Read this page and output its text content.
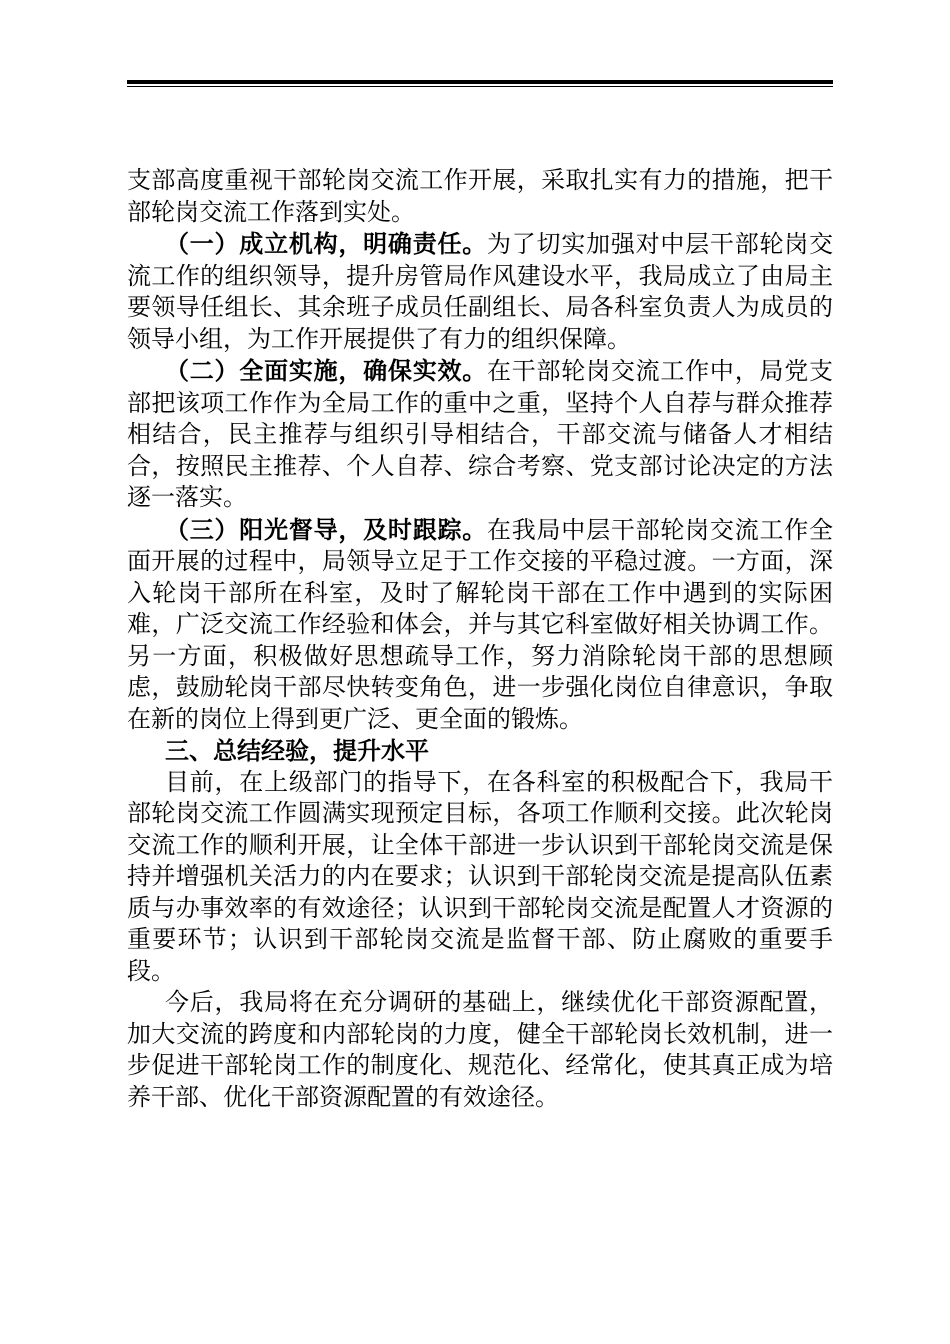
支部高度重视干部轮岗交流工作开展，采取扎实有力的措施，把干部轮岗交流工作落到实处。

（一）成立机构，明确责任。为了切实加强对中层干部轮岗交流工作的组织领导，提升房管局作风建设水平，我局成立了由局主要领导任组长、其余班子成员任副组长、局各科室负责人为成员的领导小组，为工作开展提供了有力的组织保障。

（二）全面实施，确保实效。在干部轮岗交流工作中，局党支部把该项工作作为全局工作的重中之重，坚持个人自荐与群众推荐相结合，民主推荐与组织引导相结合，干部交流与储备人才相结合，按照民主推荐、个人自荐、综合考察、党支部讨论决定的方法逐一落实。

（三）阳光督导，及时跟踪。在我局中层干部轮岗交流工作全面开展的过程中，局领导立足于工作交接的平稳过渡。一方面，深入轮岗干部所在科室，及时了解轮岗干部在工作中遇到的实际困难，广泛交流工作经验和体会，并与其它科室做好相关协调工作。另一方面，积极做好思想疏导工作，努力消除轮岗干部的思想顾虑，鼓励轮岗干部尽快转变角色，进一步强化岗位自律意识，争取在新的岗位上得到更广泛、更全面的锻炼。

三、总结经验，提升水平

目前，在上级部门的指导下，在各科室的积极配合下，我局干部轮岗交流工作圆满实现预定目标，各项工作顺利交接。此次轮岗交流工作的顺利开展，让全体干部进一步认识到干部轮岗交流是保持并增强机关活力的内在要求；认识到干部轮岗交流是提高队伍素质与办事效率的有效途径；认识到干部轮岗交流是配置人才资源的重要环节；认识到干部轮岗交流是监督干部、防止腐败的重要手段。

今后，我局将在充分调研的基础上，继续优化干部资源配置，加大交流的跨度和内部轮岗的力度，健全干部轮岗长效机制，进一步促进干部轮岗工作的制度化、规范化、经常化，使其真正成为培养干部、优化干部资源配置的有效途径。
